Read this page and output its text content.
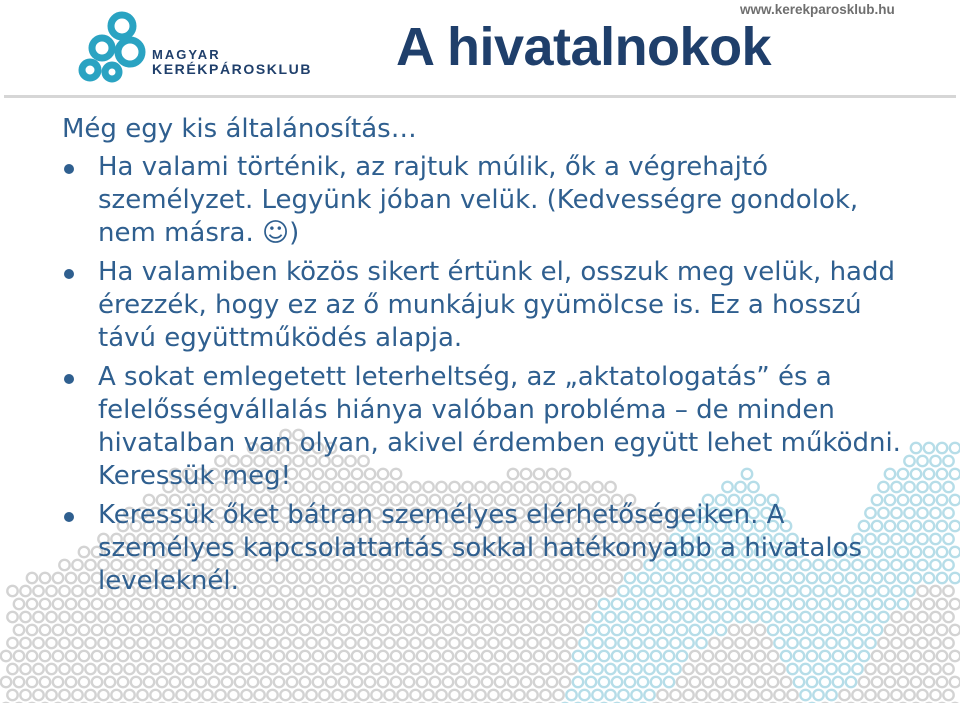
MAGYAR
KERÉKPÁROSKLUB
www.kerekparosklub.hu
A hivatalnokok

Még egy kis általánosítás…

Ha valami történik, az rajtuk múlik, ők a végrehajtó személyzet. Legyünk jóban velük. (Kedvességre gondolok, nem másra. ☺)
Ha valamiben közös sikert értünk el, osszuk meg velük, hadd érezzék, hogy ez az ő munkájuk gyümölcse is. Ez a hosszú távú együttműködés alapja.
A sokat emlegetett leterheltség, az „aktatologatás” és a felelősségvállalás hiánya valóban probléma – de minden hivatalban van olyan, akivel érdemben együtt lehet működni. Keressük meg!
Keressük őket bátran személyes elérhetőségeiken. A személyes kapcsolattartás sokkal hatékonyabb a hivatalos leveleknél.
